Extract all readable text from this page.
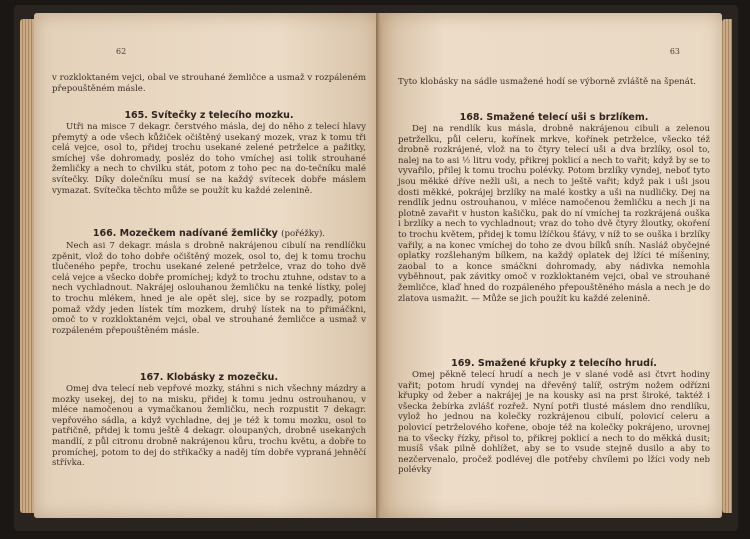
62

v rozkloktaném vejci, obal ve strouhané žemličce a usmaž v rozpáleném přepouštěném másle.

165. Svítečky z telecího mozku.

Utři na misce 7 dekagr. čerstvého másla, dej do něho z telecí hlavy přemytý a ode všech kůžiček očištěný usekaný mozek, vraz k tomu tři celá vejce, osol to, přidej trochu usekané zelené petrželce a pažitky, smíchej vše dohromady, posléz do toho vmíchej asi tolik strouhané žemličky a nech to chvilku stát, potom z toho pec na do-tečníku malé svítečky. Díky dolečníku musí se na každý svítecek dobře máslem vymazat. Svítečka těchto může se použít ku každé zelenině.

166. Mozečkem nadívané žemličky (pořéžky).

Nech asi 7 dekagr. másla s drobně nakrájenou cibulí na rendlíčku zpěnit, vlož do toho dobře očištěný mozek, osol to, dej k tomu trochu tlučeného pepře, trochu usekané zelené petrželce, vraz do toho dvě celá vejce a všecko dobře promíchej; když to trochu ztuhne, odstav to a nech vychladnout. Nakrájej oslouhanou žemličku na tenké lístky, polej to trochu mlékem, hned je ale opět slej, sice by se rozpadly, potom pomaž vždy jeden lístek tím mozkem, druhý lístek na to přimáčkni, omoč to v rozkloktaném vejci, obal ve strouhané žemličce a usmaž v rozpáleném přepouštěném másle.

167. Klobásky z mozečku.

Omej dva telecí neb vepřové mozky, stáhni s nich všechny mázdry a mozky usekej, dej to na misku, přidej k tomu jednu ostrouhanou, v mléce namočenou a vymačkanou žemličku, nech rozpustit 7 dekagr. vepřového sádla, a když vychladne, dej je též k tomu mozku, osol to patřičně, přidej k tomu ještě 4 dekagr. oloupaných, drobně usekaných mandlí, z půl citronu drobně nakrájenou kůru, trochu květu, a dobře to promíchej, potom to dej do střikačky a naděj tím dobře vypraná jehněčí střívka.

63

Tyto klobásky na sádle usmažené hodí se výborně zvláště na špenát.

168. Smažené telecí uši s brzlíkem.

Dej na rendlík kus másla, drobně nakrájenou cibuli a zelenou petrželku, půl celeru, kořínek mrkve, kořínek petrželce, všecko též drobně rozkrájené, vlož na to čtyry telecí uši a dva brzlíky, osol to, nalej na to asi ½ litru vody, přikrej poklicí a nech to vařit; když by se to vyvařilo, přilej k tomu trochu polévky. Potom brzlíky vyndej, neboť tyto jsou měkké dříve nežli uši, a nech to ještě vařit; když pak i uši jsou dosti měkké, pokrájej brzlíky na malé kostky a uši na nudličky. Dej na rendlík jednu ostrouhanou, v mléce namočenou žemličku a nech ji na plotně zavařit v huston kašičku, pak do ní vmíchej ta rozkrájená ouška i brzlíky a nech to vychladnout; vraz do toho dvě čtyry žloutky, okoření to trochu květem, přidej k tomu lžíčkou šťávy, v níž to se ouška i brzlíky vařily, a na konec vmíchej do toho ze dvou bílků sníh. Nasláž obyčejné oplatky rozšlehaným bílkem, na každý oplatek dej lžíci té míšeniny, zaobal to a konce smáčkni dohromady, aby nádivka nemohla vyběhnout, pak závitky omoč v rozkloktaném vejci, obal ve strouhané žemličce, klaď hned do rozpáleného přepouštěného másla a nech je do zlatova usmažit. — Může se jich použít ku každé zelenině.

169. Smažené křupky z telecího hrudí.

Omej pěkně telecí hrudí a nech je v slané vodě asi čtvrt hodiny vařit; potom hrudí vyndej na dřevěný talíř, ostrým nožem odřízni křupky od žeber a nakrájej je na kousky asi na prst široké, taktéž i všecka žebírka zvlášť rozřež. Nyní potři tlusté máslem dno rendlíku, vylož ho jednou na kolečky rozkrájenou cibulí, polovicí celeru a polovicí petrželového kořene, oboje též na kolečky pokrájeno, urovnej na to všecky řízky, přisol to, přikrej poklicí a nech to do měkká dusit; musíš však pilně dohlížet, aby se to vsude stejně dusilo a aby to nezčervenalo, pročež podlévej dle potřeby chvílemi po lžíci vody neb polévky
